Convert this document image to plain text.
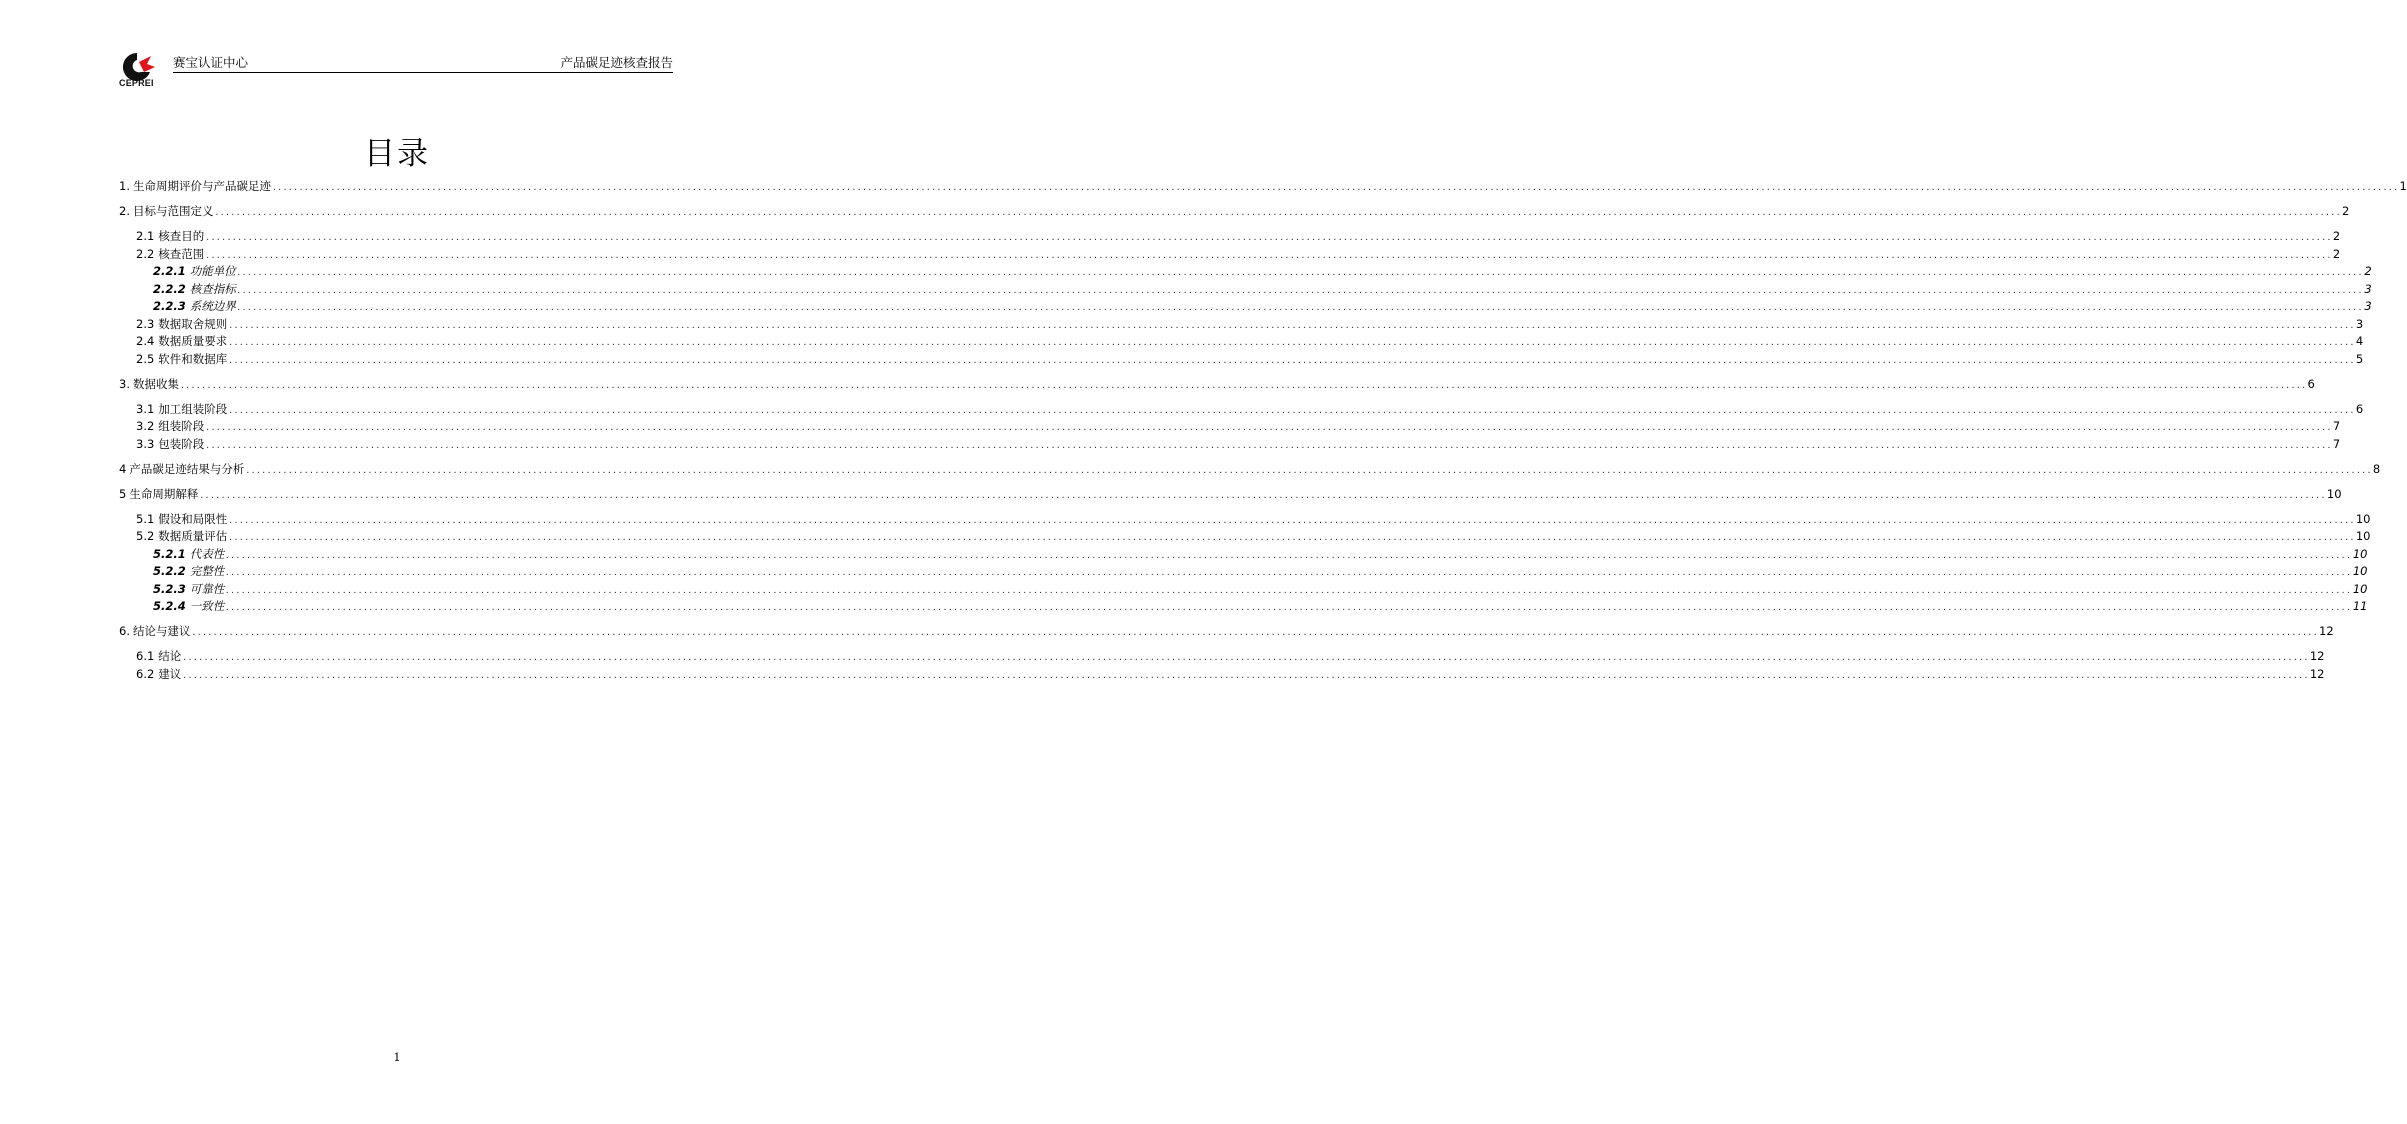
CEPREI
赛宝认证中心	产品碳足迹核查报告
目录
1. 生命周期评价与产品碳足迹 ................................................................................................................................................................................................................................................................................................................................................................................................................ 1
2. 目标与范围定义 ................................................................................................................................................................................................................................................................................................................................................................................................................ 2
2.1 核查目的 ................................................................................................................................................................................................................................................................................................................................................................................................................ 2
2.2 核查范围 ................................................................................................................................................................................................................................................................................................................................................................................................................ 2
2.2.1 功能单位 ................................................................................................................................................................................................................................................................................................................................................................................................................ 2
2.2.2 核查指标 ................................................................................................................................................................................................................................................................................................................................................................................................................ 3
2.2.3 系统边界 ................................................................................................................................................................................................................................................................................................................................................................................................................ 3
2.3 数据取舍规则 ................................................................................................................................................................................................................................................................................................................................................................................................................ 3
2.4 数据质量要求 ................................................................................................................................................................................................................................................................................................................................................................................................................ 4
2.5 软件和数据库 ................................................................................................................................................................................................................................................................................................................................................................................................................ 5
3. 数据收集 ................................................................................................................................................................................................................................................................................................................................................................................................................ 6
3.1 加工组装阶段 ................................................................................................................................................................................................................................................................................................................................................................................................................ 6
3.2 组装阶段 ................................................................................................................................................................................................................................................................................................................................................................................................................ 7
3.3 包装阶段 ................................................................................................................................................................................................................................................................................................................................................................................................................ 7
4 产品碳足迹结果与分析 ................................................................................................................................................................................................................................................................................................................................................................................................................ 8
5 生命周期解释 ................................................................................................................................................................................................................................................................................................................................................................................................................ 10
5.1 假设和局限性 ................................................................................................................................................................................................................................................................................................................................................................................................................ 10
5.2 数据质量评估 ................................................................................................................................................................................................................................................................................................................................................................................................................ 10
5.2.1 代表性 ................................................................................................................................................................................................................................................................................................................................................................................................................ 10
5.2.2 完整性 ................................................................................................................................................................................................................................................................................................................................................................................................................ 10
5.2.3 可靠性 ................................................................................................................................................................................................................................................................................................................................................................................................................ 10
5.2.4 一致性 ................................................................................................................................................................................................................................................................................................................................................................................................................ 11
6. 结论与建议 ................................................................................................................................................................................................................................................................................................................................................................................................................ 12
6.1 结论 ................................................................................................................................................................................................................................................................................................................................................................................................................ 12
6.2 建议 ................................................................................................................................................................................................................................................................................................................................................................................................................ 12
1
